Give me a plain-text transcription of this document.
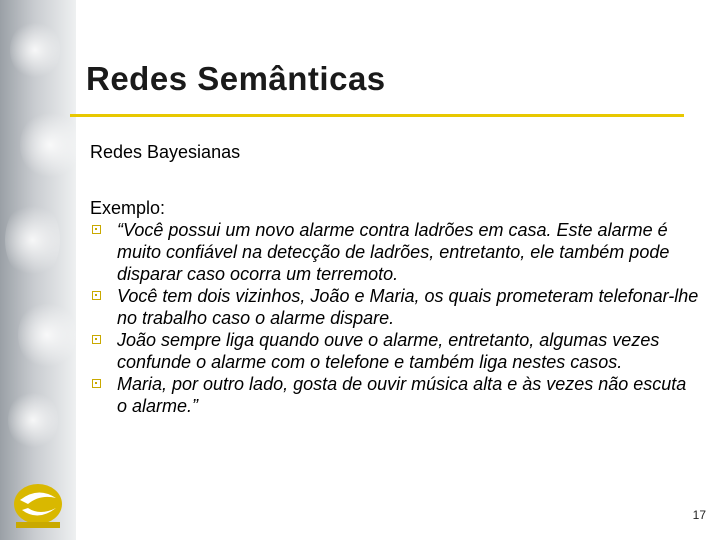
Redes Semânticas
Redes Bayesianas
Exemplo:
“Você possui um novo alarme contra ladrões em casa. Este alarme é muito confiável na detecção de ladrões, entretanto, ele também pode disparar caso ocorra um terremoto.
Você tem dois vizinhos, João e Maria, os quais prometeram telefonar-lhe no trabalho caso o alarme dispare.
João sempre liga quando ouve o alarme, entretanto, algumas vezes confunde o alarme com o telefone e também liga nestes casos.
Maria, por outro lado, gosta de ouvir música alta e às vezes não escuta o alarme.”
17
